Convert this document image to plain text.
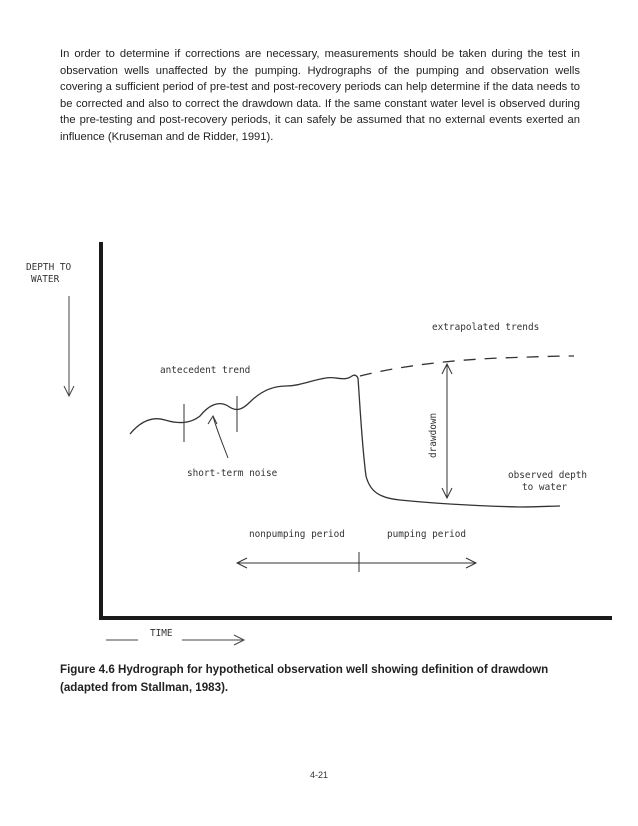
In order to determine if corrections are necessary, measurements should be taken during the test in observation wells unaffected by the pumping. Hydrographs of the pumping and observation wells covering a sufficient period of pre-test and post-recovery periods can help determine if the data needs to be corrected and also to correct the drawdown data. If the same constant water level is observed during the pre-testing and post-recovery periods, it can safely be assumed that no external events exerted an influence (Kruseman and de Ridder, 1991).

DEPTH TO
WATER
TIME
extrapolated trends
antecedent trend
drawdown
short-term noise	observed depth
to water
nonpumping period	pumping period

Figure 4.6 Hydrograph for hypothetical observation well showing definition of drawdown (adapted from Stallman, 1983).

4-21
